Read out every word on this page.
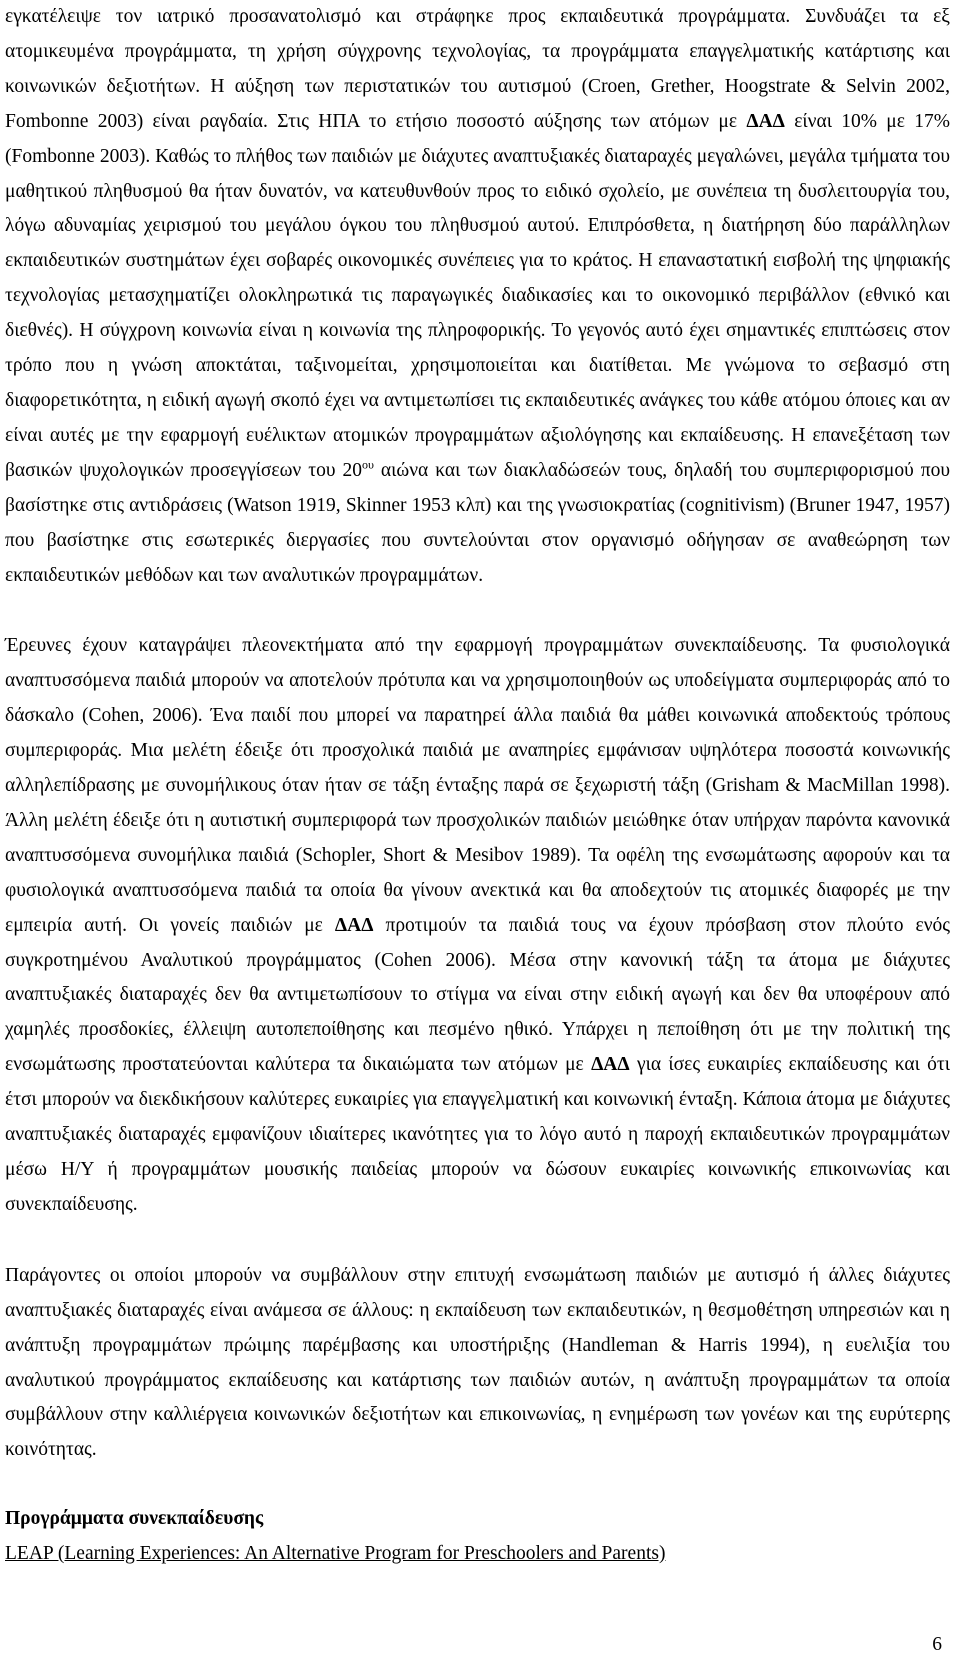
εγκατέλειψε τον ιατρικό προσανατολισμό και στράφηκε προς εκπαιδευτικά προγράμματα. Συνδυάζει τα εξ ατομικευμένα προγράμματα, τη χρήση σύγχρονης τεχνολογίας, τα προγράμματα επαγγελματικής κατάρτισης και κοινωνικών δεξιοτήτων. Η αύξηση των περιστατικών του αυτισμού (Croen, Grether, Hoogstrate & Selvin 2002, Fombonne 2003) είναι ραγδαία. Στις ΗΠΑ το ετήσιο ποσοστό αύξησης των ατόμων με ΔΑΔ είναι 10% με 17% (Fombonne 2003). Καθώς το πλήθος των παιδιών με διάχυτες αναπτυξιακές διαταραχές μεγαλώνει, μεγάλα τμήματα του μαθητικού πληθυσμού θα ήταν δυνατόν, να κατευθυνθούν προς το ειδικό σχολείο, με συνέπεια τη δυσλειτουργία του, λόγω αδυναμίας χειρισμού του μεγάλου όγκου του πληθυσμού αυτού. Επιπρόσθετα, η διατήρηση δύο παράλληλων εκπαιδευτικών συστημάτων έχει σοβαρές οικονομικές συνέπειες για το κράτος. Η επαναστατική εισβολή της ψηφιακής τεχνολογίας μετασχηματίζει ολοκληρωτικά τις παραγωγικές διαδικασίες και το οικονομικό περιβάλλον (εθνικό και διεθνές). Η σύγχρονη κοινωνία είναι η κοινωνία της πληροφορικής. Το γεγονός αυτό έχει σημαντικές επιπτώσεις στον τρόπο που η γνώση αποκτάται, ταξινομείται, χρησιμοποιείται και διατίθεται. Με γνώμονα το σεβασμό στη διαφορετικότητα, η ειδική αγωγή σκοπό έχει να αντιμετωπίσει τις εκπαιδευτικές ανάγκες του κάθε ατόμου όποιες και αν είναι αυτές με την εφαρμογή ευέλικτων ατομικών προγραμμάτων αξιολόγησης και εκπαίδευσης. Η επανεξέταση των βασικών ψυχολογικών προσεγγίσεων του $20^{o\upsilon}$ αιώνα και των διακλαδώσεών τους, δηλαδή του συμπεριφορισμού που βασίστηκε στις αντιδράσεις (Watson 1919, Skinner 1953 κλπ) και της γνωσιοκρατίας (cognitivism) (Bruner 1947, 1957) που βασίστηκε στις εσωτερικές διεργασίες που συντελούνται στον οργανισμό οδήγησαν σε αναθεώρηση των εκπαιδευτικών μεθόδων και των αναλυτικών προγραμμάτων.

Έρευνες έχουν καταγράψει πλεονεκτήματα από την εφαρμογή προγραμμάτων συνεκπαίδευσης. Τα φυσιολογικά αναπτυσσόμενα παιδιά μπορούν να αποτελούν πρότυπα και να χρησιμοποιηθούν ως υποδείγματα συμπεριφοράς από το δάσκαλο (Cohen, 2006). Ένα παιδί που μπορεί να παρατηρεί άλλα παιδιά θα μάθει κοινωνικά αποδεκτούς τρόπους συμπεριφοράς. Μια μελέτη έδειξε ότι προσχολικά παιδιά με αναπηρίες εμφάνισαν υψηλότερα ποσοστά κοινωνικής αλληλεπίδρασης με συνομήλικους όταν ήταν σε τάξη ένταξης παρά σε ξεχωριστή τάξη (Grisham & MacMillan 1998). Άλλη μελέτη έδειξε ότι η αυτιστική συμπεριφορά των προσχολικών παιδιών μειώθηκε όταν υπήρχαν παρόντα κανονικά αναπτυσσόμενα συνομήλικα παιδιά (Schopler, Short & Mesibov 1989). Τα οφέλη της ενσωμάτωσης αφορούν και τα φυσιολογικά αναπτυσσόμενα παιδιά τα οποία θα γίνουν ανεκτικά και θα αποδεχτούν τις ατομικές διαφορές με την εμπειρία αυτή. Οι γονείς παιδιών με ΔΑΔ προτιμούν τα παιδιά τους να έχουν πρόσβαση στον πλούτο ενός συγκροτημένου Αναλυτικού προγράμματος (Cohen 2006). Μέσα στην κανονική τάξη τα άτομα με διάχυτες αναπτυξιακές διαταραχές δεν θα αντιμετωπίσουν το στίγμα να είναι στην ειδική αγωγή και δεν θα υποφέρουν από χαμηλές προσδοκίες, έλλειψη αυτοπεποίθησης και πεσμένο ηθικό. Υπάρχει η πεποίθηση ότι με την πολιτική της ενσωμάτωσης προστατεύονται καλύτερα τα δικαιώματα των ατόμων με ΔΑΔ για ίσες ευκαιρίες εκπαίδευσης και ότι έτσι μπορούν να διεκδικήσουν καλύτερες ευκαιρίες για επαγγελματική και κοινωνική ένταξη. Κάποια άτομα με διάχυτες αναπτυξιακές διαταραχές εμφανίζουν ιδιαίτερες ικανότητες για το λόγο αυτό η παροχή εκπαιδευτικών προγραμμάτων μέσω Η/Υ ή προγραμμάτων μουσικής παιδείας μπορούν να δώσουν ευκαιρίες κοινωνικής επικοινωνίας και συνεκπαίδευσης.

Παράγοντες οι οποίοι μπορούν να συμβάλλουν στην επιτυχή ενσωμάτωση παιδιών με αυτισμό ή άλλες διάχυτες αναπτυξιακές διαταραχές είναι ανάμεσα σε άλλους: η εκπαίδευση των εκπαιδευτικών, η θεσμοθέτηση υπηρεσιών και η ανάπτυξη προγραμμάτων πρώιμης παρέμβασης και υποστήριξης (Handleman & Harris 1994), η ευελιξία του αναλυτικού προγράμματος εκπαίδευσης και κατάρτισης των παιδιών αυτών, η ανάπτυξη προγραμμάτων τα οποία συμβάλλουν στην καλλιέργεια κοινωνικών δεξιοτήτων και επικοινωνίας, η ενημέρωση των γονέων και της ευρύτερης κοινότητας.

Προγράμματα συνεκπαίδευσης

LEAP (Learning Experiences: An Alternative Program for Preschoolers and Parents)

6
